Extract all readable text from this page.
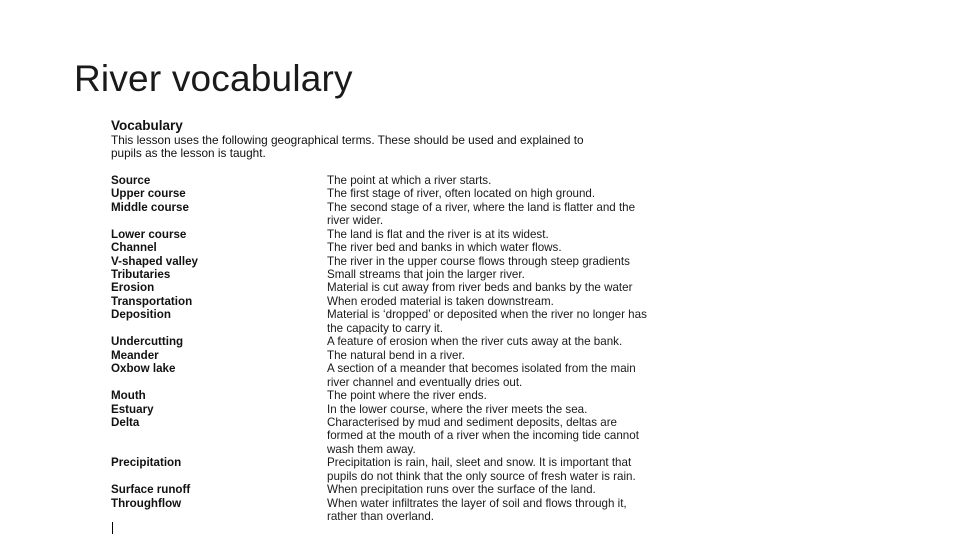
River vocabulary
Vocabulary
This lesson uses the following geographical terms. These should be used and explained to
pupils as the lesson is taught.
Source	The point at which a river starts.
Upper course	The first stage of river, often located on high ground.
Middle course	The second stage of a river, where the land is flatter and the
river wider.
Lower course	The land is flat and the river is at its widest.
Channel	The river bed and banks in which water flows.
V-shaped valley	The river in the upper course flows through steep gradients
Tributaries	Small streams that join the larger river.
Erosion	Material is cut away from river beds and banks by the water
Transportation	When eroded material is taken downstream.
Deposition	Material is ‘dropped’ or deposited when the river no longer has
the capacity to carry it.
Undercutting	A feature of erosion when the river cuts away at the bank.
Meander	The natural bend in a river.
Oxbow lake	A section of a meander that becomes isolated from the main
river channel and eventually dries out.
Mouth	The point where the river ends.
Estuary	In the lower course, where the river meets the sea.
Delta	Characterised by mud and sediment deposits, deltas are
formed at the mouth of a river when the incoming tide cannot
wash them away.
Precipitation	Precipitation is rain, hail, sleet and snow. It is important that
pupils do not think that the only source of fresh water is rain.
Surface runoff	When precipitation runs over the surface of the land.
Throughflow	When water infiltrates the layer of soil and flows through it,
rather than overland.
